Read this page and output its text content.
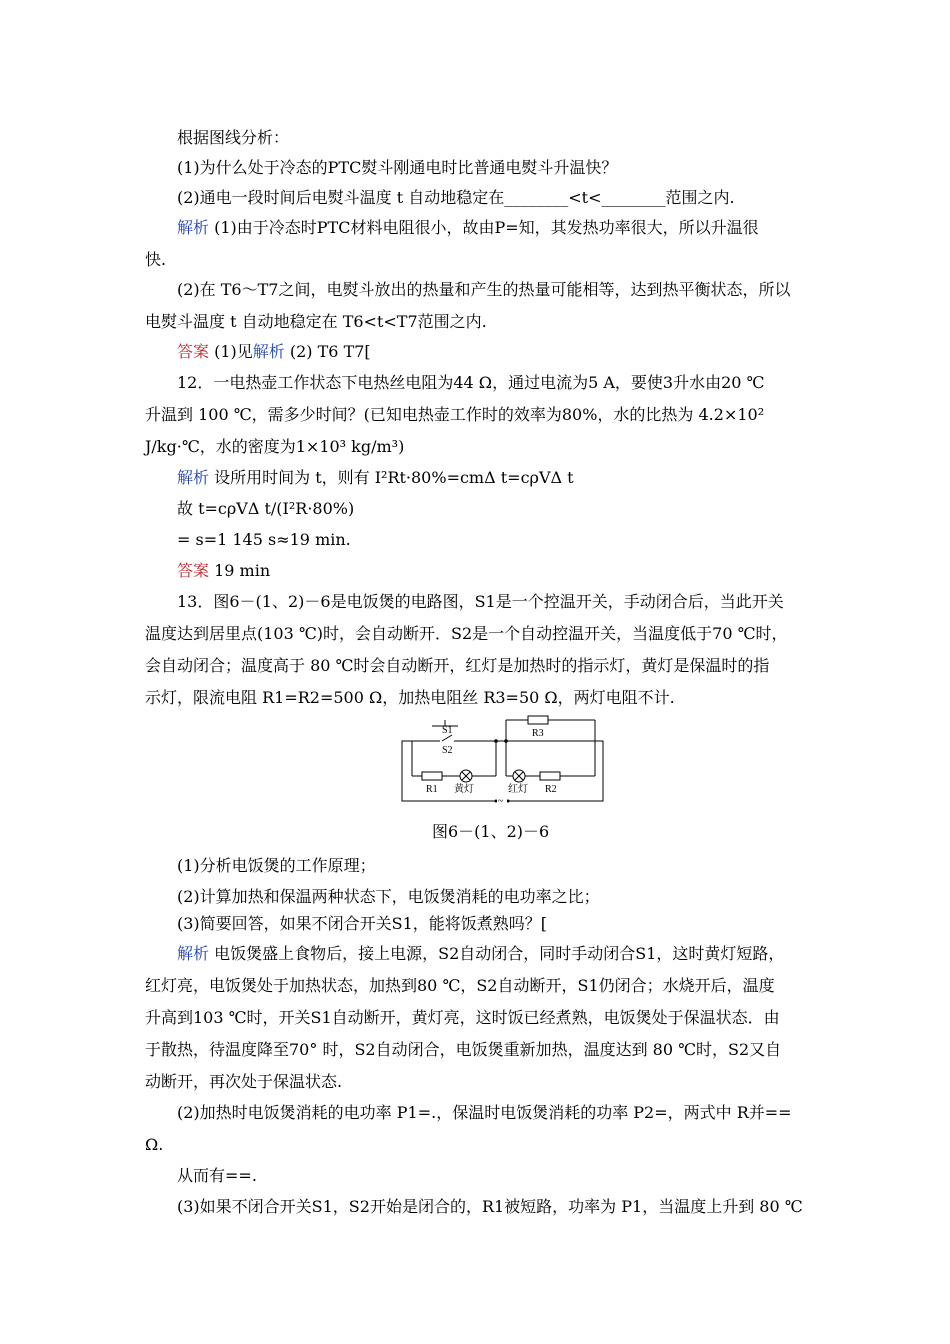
根据图线分析：
(1)为什么处于冷态的PTC熨斗刚通电时比普通电熨斗升温快？
(2)通电一段时间后电熨斗温度 t 自动地稳定在________<t<________范围之内.
解析 (1)由于冷态时PTC材料电阻很小，故由P=知，其发热功率很大，所以升温很
快.
(2)在 T6～T7之间，电熨斗放出的热量和产生的热量可能相等，达到热平衡状态，所以
电熨斗温度 t 自动地稳定在 T6<t<T7范围之内.
答案 (1)见解析 (2) T6 T7[
12．一电热壶工作状态下电热丝电阻为44 Ω，通过电流为5 A，要使3升水由20 ℃
升温到 100 ℃，需多少时间？(已知电热壶工作时的效率为80%，水的比热为 4.2×10²
J/kg·℃，水的密度为1×10³ kg/m³)
解析 设所用时间为 t，则有 I²Rt·80%=cmΔ t=cρVΔ t
故 t=cρVΔ t/(I²R·80%)
= s=1 145 s≈19 min.
答案 19 min
13．图6－(1、2)－6是电饭煲的电路图，S1是一个控温开关，手动闭合后，当此开关
温度达到居里点(103 ℃)时，会自动断开．S2是一个自动控温开关，当温度低于70 ℃时，
会自动闭合；温度高于 80 ℃时会自动断开，红灯是加热时的指示灯，黄灯是保温时的指
示灯，限流电阻 R1=R2=500 Ω，加热电阻丝 R3=50 Ω，两灯电阻不计.
S1
S2
R1	R2
R3
黄灯	红灯
~
图6－(1、2)－6
(1)分析电饭煲的工作原理；
(2)计算加热和保温两种状态下，电饭煲消耗的电功率之比；
(3)简要回答，如果不闭合开关S1，能将饭煮熟吗？[
解析 电饭煲盛上食物后，接上电源，S2自动闭合，同时手动闭合S1，这时黄灯短路，
红灯亮，电饭煲处于加热状态，加热到80 ℃，S2自动断开，S1仍闭合；水烧开后，温度
升高到103 ℃时，开关S1自动断开，黄灯亮，这时饭已经煮熟，电饭煲处于保温状态．由
于散热，待温度降至70° 时，S2自动闭合，电饭煲重新加热，温度达到 80 ℃时，S2又自
动断开，再次处于保温状态.
(2)加热时电饭煲消耗的电功率 P1=.，保温时电饭煲消耗的功率 P2=，两式中 R并==
Ω.
从而有==.
(3)如果不闭合开关S1，S2开始是闭合的，R1被短路，功率为 P1，当温度上升到 80 ℃
